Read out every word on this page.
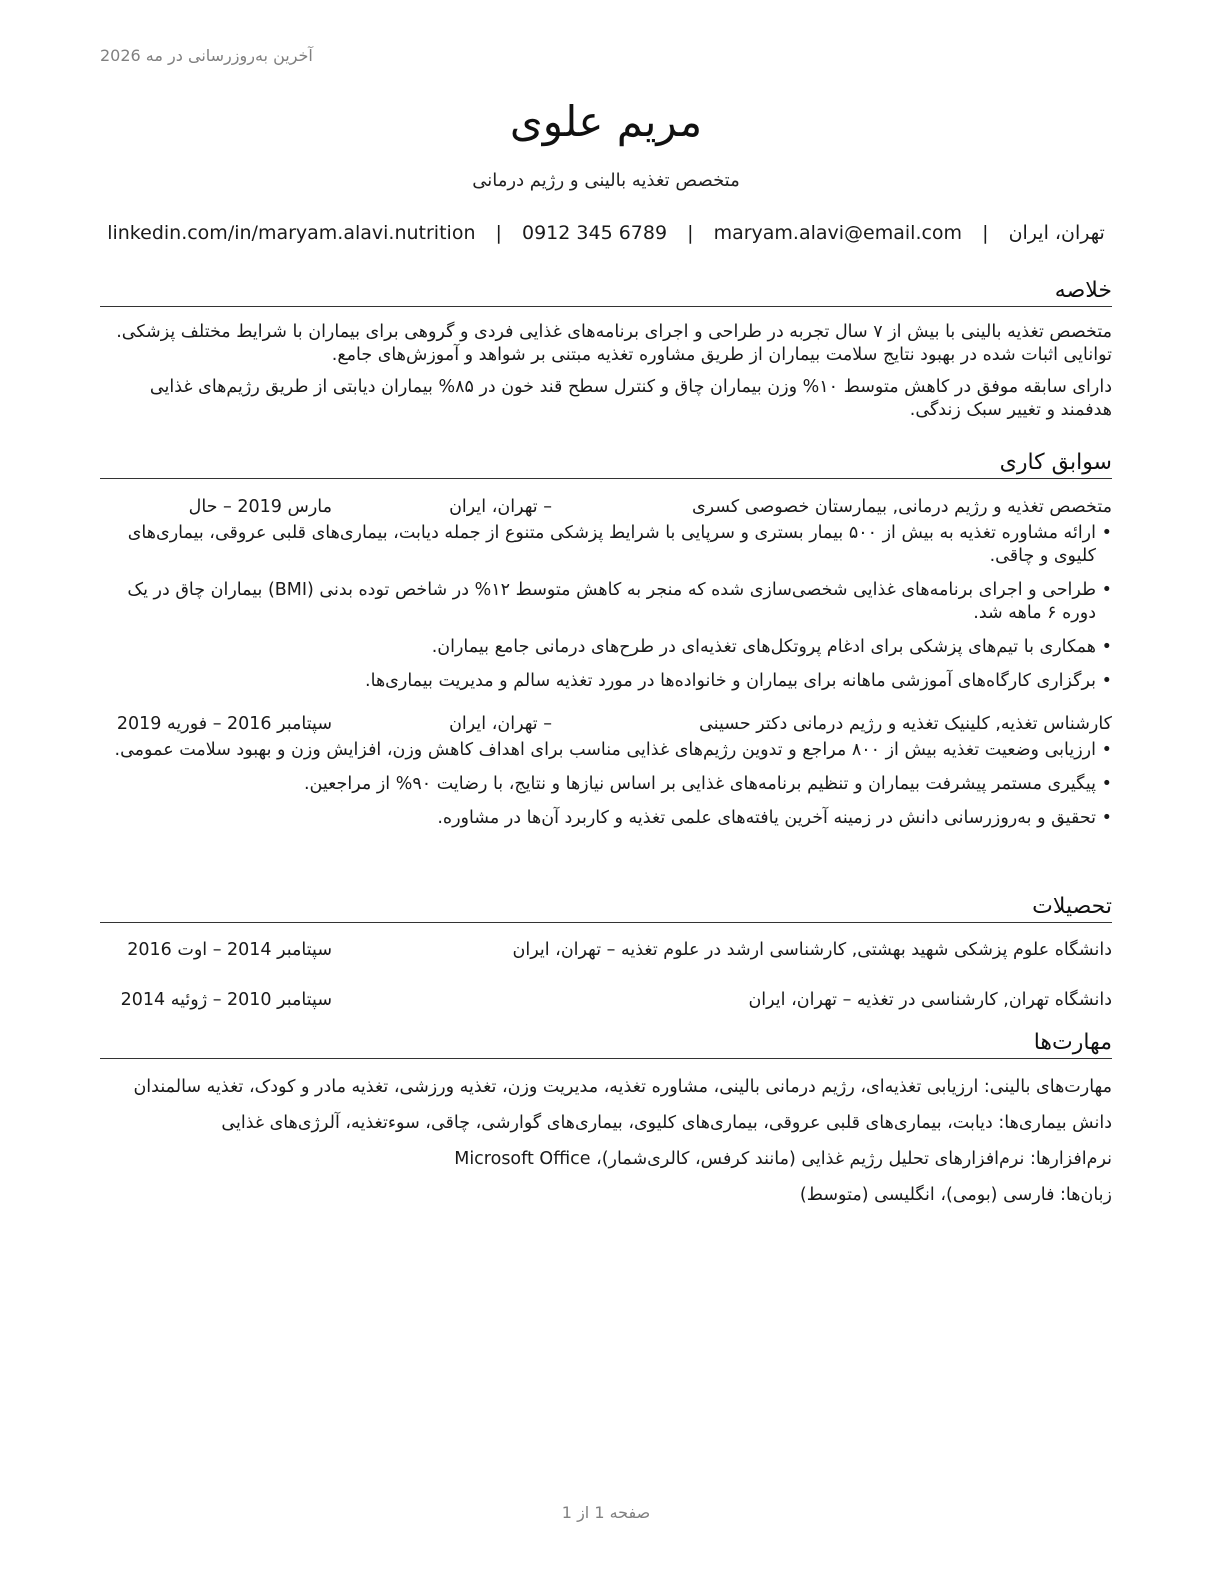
آخرین به‌روزرسانی در مه 2026
مریم علوی
متخصص تغذیه بالینی و رژیم درمانی
تهران، ایران | maryam.alavi@email.com | 0912 345 6789 | linkedin.com/in/maryam.alavi.nutrition
خلاصه

متخصص تغذیه بالینی با بیش از ۷ سال تجربه در طراحی و اجرای برنامه‌های غذایی فردی و گروهی برای بیماران با شرایط مختلف پزشکی. توانایی اثبات شده در بهبود نتایج سلامت بیماران از طریق مشاوره تغذیه مبتنی بر شواهد و آموزش‌های جامع.

دارای سابقه موفق در کاهش متوسط ۱۰% وزن بیماران چاق و کنترل سطح قند خون در ۸۵% بیماران دیابتی از طریق رژیم‌های غذایی هدفمند و تغییر سبک زندگی.

سوابق کاری
متخصص تغذیه و رژیم درمانی, بیمارستان خصوصی کسری
– تهران، ایران
مارس 2019 – حال
• ارائه مشاوره تغذیه به بیش از ۵۰۰ بیمار بستری و سرپایی با شرایط پزشکی متنوع از جمله دیابت، بیماری‌های قلبی عروقی، بیماری‌های کلیوی و چاقی.
• طراحی و اجرای برنامه‌های غذایی شخصی‌سازی شده که منجر به کاهش متوسط ۱۲% در شاخص توده بدنی (BMI) بیماران چاق در یک دوره ۶ ماهه شد.
• همکاری با تیم‌های پزشکی برای ادغام پروتکل‌های تغذیه‌ای در طرح‌های درمانی جامع بیماران.
• برگزاری کارگاه‌های آموزشی ماهانه برای بیماران و خانواده‌ها در مورد تغذیه سالم و مدیریت بیماری‌ها.
کارشناس تغذیه, کلینیک تغذیه و رژیم درمانی دکتر حسینی
– تهران، ایران
سپتامبر 2016 – فوریه 2019
• ارزیابی وضعیت تغذیه بیش از ۸۰۰ مراجع و تدوین رژیم‌های غذایی مناسب برای اهداف کاهش وزن، افزایش وزن و بهبود سلامت عمومی.
• پیگیری مستمر پیشرفت بیماران و تنظیم برنامه‌های غذایی بر اساس نیازها و نتایج، با رضایت ۹۰% از مراجعین.
• تحقیق و به‌روزرسانی دانش در زمینه آخرین یافته‌های علمی تغذیه و کاربرد آن‌ها در مشاوره.
تحصیلات
دانشگاه علوم پزشکی شهید بهشتی, کارشناسی ارشد در علوم تغذیه – تهران، ایران
سپتامبر 2014 – اوت 2016
دانشگاه تهران, کارشناسی در تغذیه – تهران، ایران
سپتامبر 2010 – ژوئیه 2014
مهارت‌ها

مهارت‌های بالینی: ارزیابی تغذیه‌ای، رژیم درمانی بالینی، مشاوره تغذیه، مدیریت وزن، تغذیه ورزشی، تغذیه مادر و کودک، تغذیه سالمندان

دانش بیماری‌ها: دیابت، بیماری‌های قلبی عروقی، بیماری‌های کلیوی، بیماری‌های گوارشی، چاقی، سوءتغذیه، آلرژی‌های غذایی

نرم‌افزارها: نرم‌افزارهای تحلیل رژیم غذایی (مانند کرفس، کالری‌شمار)، Microsoft Office

زبان‌ها: فارسی (بومی)، انگلیسی (متوسط)

صفحه 1 از 1
